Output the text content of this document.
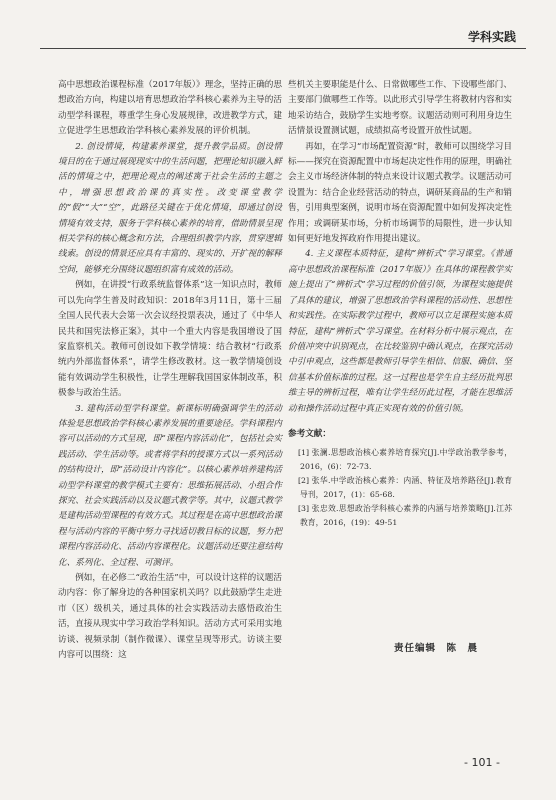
学科实践

高中思想政治课程标准（2017年版）》理念，坚持正确的思想政治方向，构建以培育思想政治学科核心素养为主导的活动型学科课程，尊重学生身心发展规律，改进教学方式，建立促进学生思想政治学科核心素养发展的评价机制。

2. 创设情境，构建素养课堂，提升教学品质。创设情境目的在于通过展现现实中的生活问题，把理论知识融入鲜活的情境之中，把理论观点的阐述寓于社会生活的主题之中，增强思想政治课的真实性。改变课堂教学的“假”“大”“空”，此路径关键在于优化情境，即通过创设情境有效支持，服务于学科核心素养的培育，借助情景呈现相关学科的核心概念和方法，合理组织教学内容，贯穿逻辑线索。创设的情景还应具有丰富的、现实的、开扩视的解释空间，能够充分围绕议题组织富有成效的活动。

例如，在讲授“行政系统监督体系”这一知识点时，教师可以先向学生普及时政知识：2018年3月11日，第十三届全国人民代表大会第一次会议经投票表决，通过了《中华人民共和国宪法修正案》，其中一个重大内容是我国增设了国家监察机关。教师可创设如下教学情境：结合教材“行政系统内外部监督体系”，请学生修改教材。这一教学情境创设能有效调动学生积极性，让学生理解我国国家体制改革，积极参与政治生活。

3. 建构活动型学科课堂。新课标明确强调学生的活动体验是思想政治学科核心素养发展的重要途径。学科课程内容可以活动的方式呈现，即“课程内容活动化”，包括社会实践活动、学生活动等。或者将学科的授课方式以一系列活动的结构设计，即“活动设计内容化”。以核心素养培养建构活动型学科课堂的教学模式主要有：思维拓展活动、小组合作探究、社会实践活动以及议题式教学等。其中，议题式教学是建构活动型课程的有效方式。其过程是在高中思想政治课程与活动内容的平衡中努力寻找适切教目标的议题，努力把课程内容活动化、活动内容课程化。议题活动还要注意结构化、系列化、全过程、可测评。

例如，在必修二“政治生活”中，可以设计这样的议题活动内容：你了解身边的各种国家机关吗？以此鼓励学生走进市（区）级机关，通过具体的社会实践活动去感悟政治生活，直接从现实中学习政治学科知识。活动方式可采用实地访谈、视频录制（制作微课）、课堂呈现等形式。访谈主要内容可以围绕：这

些机关主要职能是什么、日常做哪些工作、下设哪些部门、主要部门做哪些工作等。以此形式引导学生将教材内容和实地采访结合，鼓励学生实地考察。议题活动则可利用身边生活情景设置测试题，成绩拟高考设置开放性试题。

再如，在学习“市场配置资源”时，教师可以围绕学习目标——探究在资源配置中市场起决定性作用的原理，明确社会主义市场经济体制的特点来设计议题式教学。议题活动可设置为：结合企业经营活动的特点，调研某商品的生产和销售，引用典型案例，说明市场在资源配置中如何发挥决定性作用；或调研某市场，分析市场调节的局限性，进一步认知如何更好地发挥政府作用提出建议。

4. 主义课程本质特征，建构“辨析式”学习课堂。《普通高中思想政治课程标准（2017年版）》在具体的课程教学实施上提出了“辨析式”学习过程的价值引领，为课程实施提供了具体的建议，增强了思想政治学科课程的活动性、思想性和实践性。在实际教学过程中，教师可以立足课程实施本质特征，建构“辨析式”学习课堂。在材料分析中展示观点，在价值冲突中识别观点，在比较鉴别中确认观点，在探究活动中引申观点，这些都是教师引导学生相信、信服、确信、坚信基本价值标准的过程。这一过程也是学生自主经历批判思维主导的辨析过程，唯有让学生经历此过程，才能在思维活动和操作活动过程中真正实现有效的价值引领。

参考文献：
[1] 张澜.思想政治核心素养培育探究[J].中学政治教学参考，2016，(6)：72-73.
[2] 张华.中学政治核心素养：内涵、特征及培养路径[J].教育导刊，2017，(1)：65-68.
[3] 张忠效.思想政治学科核心素养的内涵与培养策略[J].江苏教育，2016，(19)：49-51
责任编辑　陈　晨
- 101 -
